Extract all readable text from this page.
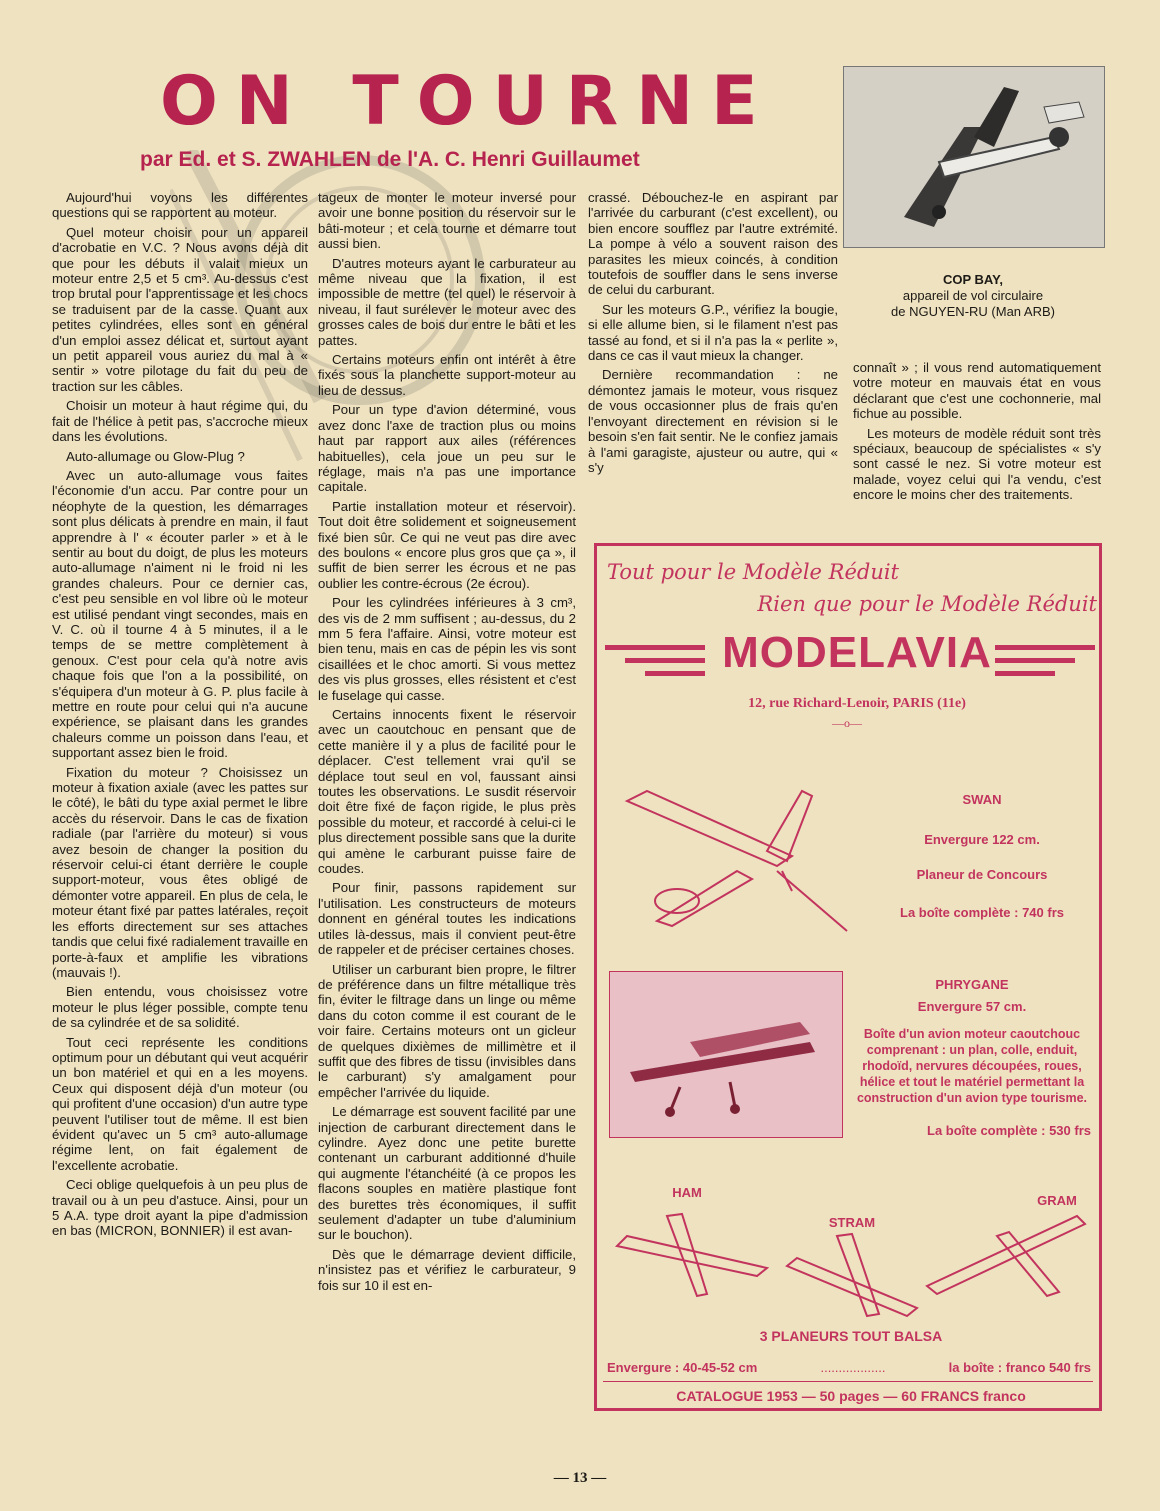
ON TOURNE

par Ed. et S. ZWAHLEN de l'A. C. Henri Guillaumet

Aujourd'hui voyons les différentes questions qui se rapportent au moteur.

Quel moteur choisir pour un appareil d'acrobatie en V.C. ? Nous avons déjà dit que pour les débuts il valait mieux un moteur entre 2,5 et 5 cm³. Au-dessus c'est trop brutal pour l'apprentissage et les chocs se traduisent par de la casse. Quant aux petites cylindrées, elles sont en général d'un emploi assez délicat et, surtout ayant un petit appareil vous auriez du mal à « sentir » votre pilotage du fait du peu de traction sur les câbles.

Choisir un moteur à haut régime qui, du fait de l'hélice à petit pas, s'accroche mieux dans les évolutions.

Auto-allumage ou Glow-Plug ?

Avec un auto-allumage vous faites l'économie d'un accu. Par contre pour un néophyte de la question, les démarrages sont plus délicats à prendre en main, il faut apprendre à l' « écouter parler » et à le sentir au bout du doigt, de plus les moteurs auto-allumage n'aiment ni le froid ni les grandes chaleurs. Pour ce dernier cas, c'est peu sensible en vol libre où le moteur est utilisé pendant vingt secondes, mais en V. C. où il tourne 4 à 5 minutes, il a le temps de se mettre complètement à genoux. C'est pour cela qu'à notre avis chaque fois que l'on a la possibilité, on s'équipera d'un moteur à G. P. plus facile à mettre en route pour celui qui n'a aucune expérience, se plaisant dans les grandes chaleurs comme un poisson dans l'eau, et supportant assez bien le froid.

Fixation du moteur ? Choisissez un moteur à fixation axiale (avec les pattes sur le côté), le bâti du type axial permet le libre accès du réservoir. Dans le cas de fixation radiale (par l'arrière du moteur) si vous avez besoin de changer la position du réservoir celui-ci étant derrière le couple support-moteur, vous êtes obligé de démonter votre appareil. En plus de cela, le moteur étant fixé par pattes latérales, reçoit les efforts directement sur ses attaches tandis que celui fixé radialement travaille en porte-à-faux et amplifie les vibrations (mauvais !).

Bien entendu, vous choisissez votre moteur le plus léger possible, compte tenu de sa cylindrée et de sa solidité.

Tout ceci représente les conditions optimum pour un débutant qui veut acquérir un bon matériel et qui en a les moyens. Ceux qui disposent déjà d'un moteur (ou qui profitent d'une occasion) d'un autre type peuvent l'utiliser tout de même. Il est bien évident qu'avec un 5 cm³ auto-allumage régime lent, on fait également de l'excellente acrobatie.

Ceci oblige quelquefois à un peu plus de travail ou à un peu d'astuce. Ainsi, pour un 5 A.A. type droit ayant la pipe d'admission en bas (MICRON, BONNIER) il est avan-

tageux de monter le moteur inversé pour avoir une bonne position du réservoir sur le bâti-moteur ; et cela tourne et démarre tout aussi bien.

D'autres moteurs ayant le carburateur au même niveau que la fixation, il est impossible de mettre (tel quel) le réservoir à niveau, il faut surélever le moteur avec des grosses cales de bois dur entre le bâti et les pattes.

Certains moteurs enfin ont intérêt à être fixés sous la planchette support-moteur au lieu de dessus.

Pour un type d'avion déterminé, vous avez donc l'axe de traction plus ou moins haut par rapport aux ailes (références habituelles), cela joue un peu sur le réglage, mais n'a pas une importance capitale.

Partie installation moteur et réservoir). Tout doit être solidement et soigneusement fixé bien sûr. Ce qui ne veut pas dire avec des boulons « encore plus gros que ça », il suffit de bien serrer les écrous et ne pas oublier les contre-écrous (2e écrou).

Pour les cylindrées inférieures à 3 cm³, des vis de 2 mm suffisent ; au-dessus, du 2 mm 5 fera l'affaire. Ainsi, votre moteur est bien tenu, mais en cas de pépin les vis sont cisaillées et le choc amorti. Si vous mettez des vis plus grosses, elles résistent et c'est le fuselage qui casse.

Certains innocents fixent le réservoir avec un caoutchouc en pensant que de cette manière il y a plus de facilité pour le déplacer. C'est tellement vrai qu'il se déplace tout seul en vol, faussant ainsi toutes les observations. Le susdit réservoir doit être fixé de façon rigide, le plus près possible du moteur, et raccordé à celui-ci le plus directement possible sans que la durite qui amène le carburant puisse faire de coudes.

Pour finir, passons rapidement sur l'utilisation. Les constructeurs de moteurs donnent en général toutes les indications utiles là-dessus, mais il convient peut-être de rappeler et de préciser certaines choses.

Utiliser un carburant bien propre, le filtrer de préférence dans un filtre métallique très fin, éviter le filtrage dans un linge ou même dans du coton comme il est courant de le voir faire. Certains moteurs ont un gicleur de quelques dixièmes de millimètre et il suffit que des fibres de tissu (invisibles dans le carburant) s'y amalgament pour empêcher l'arrivée du liquide.

Le démarrage est souvent facilité par une injection de carburant directement dans le cylindre. Ayez donc une petite burette contenant un carburant additionné d'huile qui augmente l'étanchéité (à ce propos les flacons souples en matière plastique font des burettes très économiques, il suffit seulement d'adapter un tube d'aluminium sur le bouchon).

Dès que le démarrage devient difficile, n'insistez pas et vérifiez le carburateur, 9 fois sur 10 il est en-

crassé. Débouchez-le en aspirant par l'arrivée du carburant (c'est excellent), ou bien encore soufflez par l'autre extrémité. La pompe à vélo a souvent raison des parasites les mieux coincés, à condition toutefois de souffler dans le sens inverse de celui du carburant.

Sur les moteurs G.P., vérifiez la bougie, si elle allume bien, si le filament n'est pas tassé au fond, et si il n'a pas la « perlite », dans ce cas il vaut mieux la changer.

Dernière recommandation : ne démontez jamais le moteur, vous risquez de vous occasionner plus de frais qu'en l'envoyant directement en révision si le besoin s'en fait sentir. Ne le confiez jamais à l'ami garagiste, ajusteur ou autre, qui « s'y

COP BAY,
appareil de vol circulaire
de NGUYEN-RU (Man ARB)

connaît » ; il vous rend automatiquement votre moteur en mauvais état en vous déclarant que c'est une cochonnerie, mal fichue au possible.

Les moteurs de modèle réduit sont très spéciaux, beaucoup de spécialistes « s'y sont cassé le nez. Si votre moteur est malade, voyez celui qui l'a vendu, c'est encore le moins cher des traitements.

Tout pour le Modèle Réduit

Rien que pour le Modèle Réduit

MODELAVIA

12, rue Richard-Lenoir, PARIS (11e)

—o—

SWAN

Envergure 122 cm.

Planeur de Concours

La boîte complète : 740 frs

PHRYGANE

Envergure 57 cm.

Boîte d'un avion moteur caoutchouc comprenant : un plan, colle, enduit, rhodoïd, nervures découpées, roues, hélice et tout le matériel permettant la construction d'un avion type tourisme.

La boîte complète : 530 frs

HAM

STRAM

GRAM

3 PLANEURS TOUT BALSA

Envergure : 40-45-52 cm	..................	la boîte : franco 540 frs

CATALOGUE 1953 — 50 pages — 60 FRANCS franco

— 13 —
